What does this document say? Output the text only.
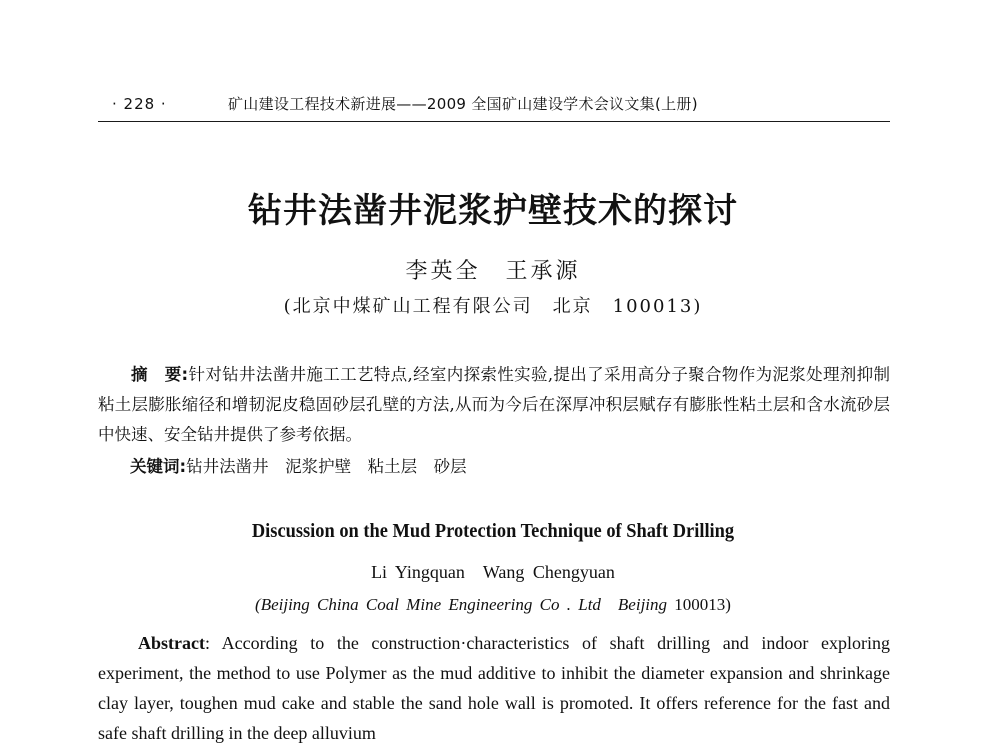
· 228 ·	矿山建设工程技术新进展——2009 全国矿山建设学术会议文集(上册)
钻井法凿井泥浆护壁技术的探讨
李英全　王承源
(北京中煤矿山工程有限公司　北京　100013)

摘　要:针对钻井法凿井施工工艺特点,经室内探索性实验,提出了采用高分子聚合物作为泥浆处理剂抑制粘土层膨胀缩径和增韧泥皮稳固砂层孔壁的方法,从而为今后在深厚冲积层赋存有膨胀性粘土层和含水流砂层中快速、安全钻井提供了参考依据。

关键词:钻井法凿井　泥浆护壁　粘土层　砂层
Discussion on the Mud Protection Technique of Shaft Drilling
Li Yingquan　Wang Chengyuan
(Beijing China Coal Mine Engineering Co . Ltd　Beijing 100013)

Abstract: According to the construction·characteristics of shaft drilling and indoor exploring experiment, the method to use Polymer as the mud additive to inhibit the diameter expansion and shrinkage clay layer, toughen mud cake and stable the sand hole wall is promoted. It offers reference for the fast and safe shaft drilling in the deep alluvium
